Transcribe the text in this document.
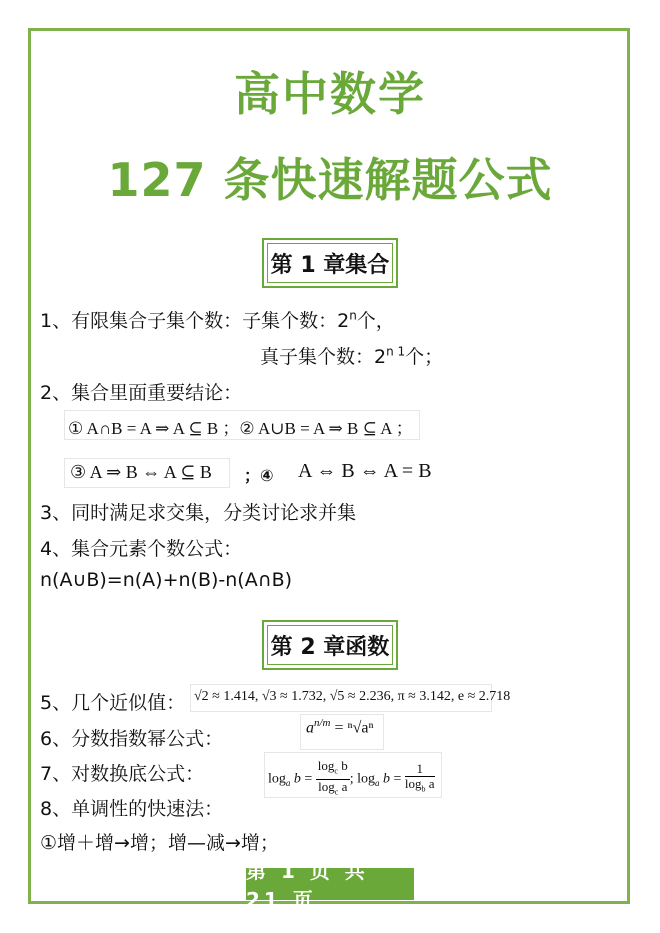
高中数学
127 条快速解题公式
第 1 章集合
1、有限集合子集个数：子集个数：2$^n$个，
真子集个数：$2^{n 1}$个；
2、集合里面重要结论：
① A∩B = A ⇒ A ⊆ B ；② A∪B = A ⇒ B ⊆ A ；
③ A ⇒ B ⇔ A ⊆ B ；④ A ⇔ B ⇔ A = B
3、同时满足求交集，分类讨论求并集
4、集合元素个数公式：
n(A∪B)=n(A)+n(B)-n(A∩B)
第 2 章函数
5、几个近似值： √2 ≈ 1.414, √3 ≈ 1.732, √5 ≈ 2.236, π ≈ 3.142, e ≈ 2.718
6、分数指数幂公式：
$a^{n/m} = ^n√a^n$
7、对数换底公式：	$\log_a b = \frac{\log_c b}{\log_c a}$ ; $\log_a b = \frac{1}{\log_b a}$
8、单调性的快速法：
①增＋增→增；增—减→增；
第 1 页 共 21 页
